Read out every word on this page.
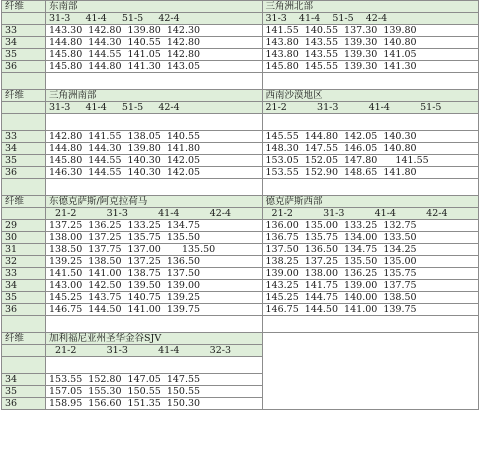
纤维	东南部	三角洲北部
	31-3     41-4     51-5     42-4	31-3    41-4    51-5    42-4
33	143.30  142.80  139.80  142.30	141.55  140.55  137.30  139.80
34	144.80  144.30  140.55  142.80	143.80  143.55  139.30  140.80
35	145.80  144.55  141.05  142.80	143.80  143.55  139.30  141.05
36	145.80  144.80  141.30  143.05	145.80  145.55  139.30  141.30

纤维	三角洲南部	西南沙漠地区
	31-3     41-4     51-5     42-4	21-2          31-3          41-4          51-5

33	142.80  141.55  138.05  140.55	145.55  144.80  142.05  140.30
34	144.80  144.30  139.80  141.80	148.30  147.55  146.05  140.80
35	145.80  144.55  140.30  142.05	153.05  152.05  147.80      141.55
36	146.30  144.55  140.30  142.05	153.55  152.90  148.65  141.80

纤维	东德克萨斯/阿克拉荷马	德克萨斯西部
	21-2          31-3          41-4          42-4	21-2          31-3          41-4          42-4
29	137.25  136.25  133.25  134.75	136.00  135.00  133.25  132.75
30	138.00  137.25  135.75  135.50	136.75  135.75  134.00  133.50
31	138.50  137.75  137.00       135.50	137.50  136.50  134.75  134.25
32	139.25  138.50  137.25  136.50	138.25  137.25  135.50  135.00
33	141.50  141.00  138.75  137.50	139.00  138.00  136.25  135.75
34	143.00  142.50  139.50  139.00	143.25  141.75  139.00  137.75
35	145.25  143.75  140.75  139.25	145.25  144.75  140.00  138.50
36	146.75  144.50  141.00  139.75	146.75  144.50  141.00  139.75

纤维	加利福尼亚州圣华金谷SJV	
	21-2          31-3          41-4          32-3	

34	153.55  152.80  147.05  147.55	
35	157.05  155.30  150.55  150.55	
36	158.95  156.60  151.35  150.30	
